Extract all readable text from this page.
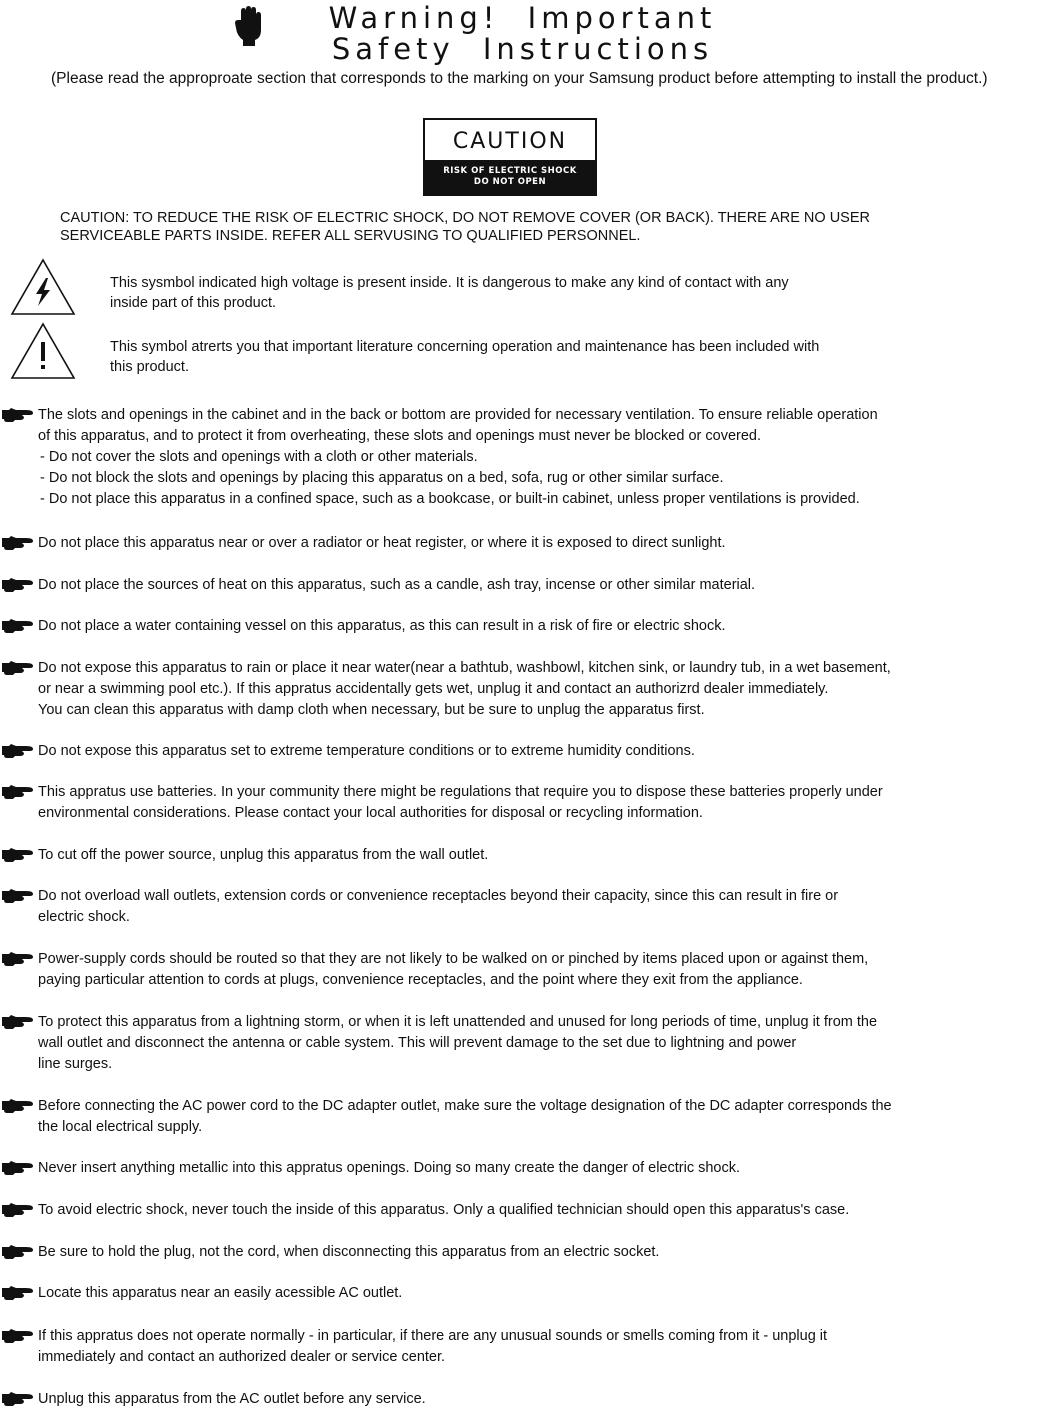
Warning! Important
Safety Instructions
(Please read the approproate section that corresponds to the marking on your Samsung product before attempting to install the product.)
CAUTION
RISK OF ELECTRIC SHOCK
DO NOT OPEN
CAUTION: TO REDUCE THE RISK OF ELECTRIC SHOCK, DO NOT REMOVE COVER (OR BACK). THERE ARE NO USER
SERVICEABLE PARTS INSIDE. REFER ALL SERVUSING TO QUALIFIED PERSONNEL.
This sysmbol indicated high voltage is present inside. It is dangerous to make any kind of contact with any
inside part of this product.
This symbol atrerts you that important literature concerning operation and maintenance has been included with
this product.
The slots and openings in the cabinet and in the back or bottom are provided for necessary ventilation. To ensure reliable operation
of this apparatus, and to protect it from overheating, these slots and openings must never be blocked or covered.
- Do not cover the slots and openings with a cloth or other materials.
- Do not block the slots and openings by placing this apparatus on a bed, sofa, rug or other similar surface.
- Do not place this apparatus in a confined space, such as a bookcase, or built-in cabinet, unless proper ventilations is provided.
Do not place this apparatus near or over a radiator or heat register, or where it is exposed to direct sunlight.
Do not place the sources of heat on this apparatus, such as a candle, ash tray, incense or other similar material.
Do not place a water containing vessel on this apparatus, as this can result in a risk of fire or electric shock.
Do not expose this apparatus to rain or place it near water(near a bathtub, washbowl, kitchen sink, or laundry tub, in a wet basement,
or near a swimming pool etc.). If this appratus accidentally gets wet, unplug it and contact an authorizrd dealer immediately.
You can clean this apparatus with damp cloth when necessary, but be sure to unplug the apparatus first.
Do not expose this apparatus set to extreme temperature conditions or to extreme humidity conditions.
This appratus use batteries. In your community there might be regulations that require you to dispose these batteries properly under
environmental considerations. Please contact your local authorities for disposal or recycling information.
To cut off the power source, unplug this apparatus from the wall outlet.
Do not overload wall outlets, extension cords or convenience receptacles beyond their capacity, since this can result in fire or
electric shock.
Power-supply cords should be routed so that they are not likely to be walked on or pinched by items placed upon or against them,
paying particular attention to cords at plugs, convenience receptacles, and the point where they exit from the appliance.
To protect this apparatus from a lightning storm, or when it is left unattended and unused for long periods of time, unplug it from the
wall outlet and disconnect the antenna or cable system. This will prevent damage to the set due to lightning and power
line surges.
Before connecting the AC power cord to the DC adapter outlet, make sure the voltage designation of the DC adapter corresponds the
the local electrical supply.
Never insert anything metallic into this appratus openings. Doing so many create the danger of electric shock.
To avoid electric shock, never touch the inside of this apparatus. Only a qualified technician should open this apparatus's case.
Be sure to hold the plug, not the cord, when disconnecting this apparatus from an electric socket.
Locate this apparatus near an easily acessible AC outlet.
If this appratus does not operate normally - in particular, if there are any unusual sounds or smells coming from it - unplug it
immediately and contact an authorized dealer or service center.
Unplug this apparatus from the AC outlet before any service.
